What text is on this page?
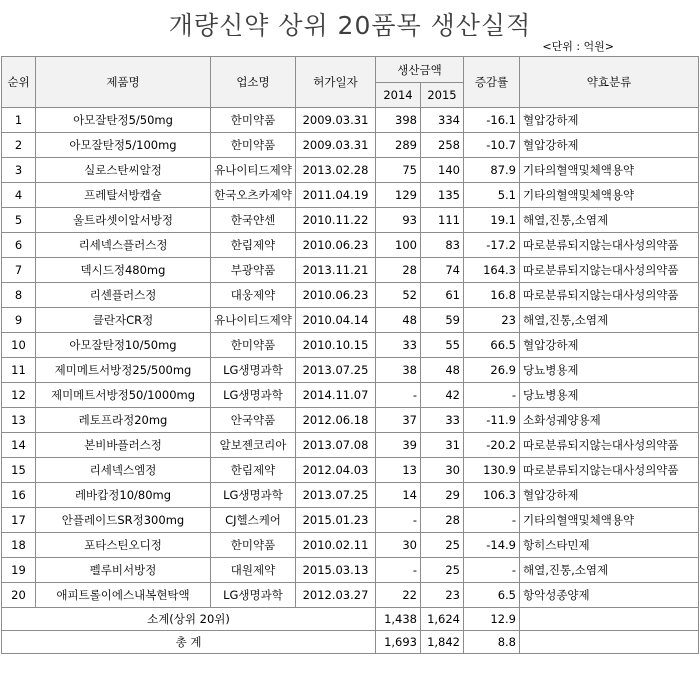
개량신약 상위 20품목 생산실적
<단위 : 억원>
순위	제품명	업소명	허가일자	생산금액		증감률	약효분류
				2014	2015		
1	아모잘탄정5/50mg	한미약품	2009.03.31	398	334	-16.1	혈압강하제
2	아모잘탄정5/100mg	한미약품	2009.03.31	289	258	-10.7	혈압강하제
3	실로스탄씨알정	유나이티드제약	2013.02.28	75	140	87.9	기타의혈액및체액용약
4	프레탈서방캡슐	한국오츠카제약	2011.04.19	129	135	5.1	기타의혈액및체액용약
5	울트라셋이알서방정	한국얀센	2010.11.22	93	111	19.1	해열,진통,소염제
6	리세넥스플러스정	한림제약	2010.06.23	100	83	-17.2	따로분류되지않는대사성의약품
7	덱시드정480mg	부광약품	2013.11.21	28	74	164.3	따로분류되지않는대사성의약품
8	리센플러스정	대웅제약	2010.06.23	52	61	16.8	따로분류되지않는대사성의약품
9	클란자CR정	유나이티드제약	2010.04.14	48	59	23	해열,진통,소염제
10	아모잘탄정10/50mg	한미약품	2010.10.15	33	55	66.5	혈압강하제
11	제미메트서방정25/500mg	LG생명과학	2013.07.25	38	48	26.9	당뇨병용제
12	제미메트서방정50/1000mg	LG생명과학	2014.11.07	-	42	-	당뇨병용제
13	레토프라정20mg	안국약품	2012.06.18	37	33	-11.9	소화성궤양용제
14	본비바플러스정	알보젠코리아	2013.07.08	39	31	-20.2	따로분류되지않는대사성의약품
15	리세넥스엠정	한림제약	2012.04.03	13	30	130.9	따로분류되지않는대사성의약품
16	레바캅정10/80mg	LG생명과학	2013.07.25	14	29	106.3	혈압강하제
17	안플레이드SR정300mg	CJ헬스케어	2015.01.23	-	28	-	기타의혈액및체액용약
18	포타스틴오디정	한미약품	2010.02.11	30	25	-14.9	항히스타민제
19	펠루비서방정	대원제약	2015.03.13	-	25	-	해열,진통,소염제
20	애피트롤이에스내복현탁액	LG생명과학	2012.03.27	22	23	6.5	항악성종양제
소계(상위 20위)				1,438	1,624	12.9	
총 계				1,693	1,842	8.8	
